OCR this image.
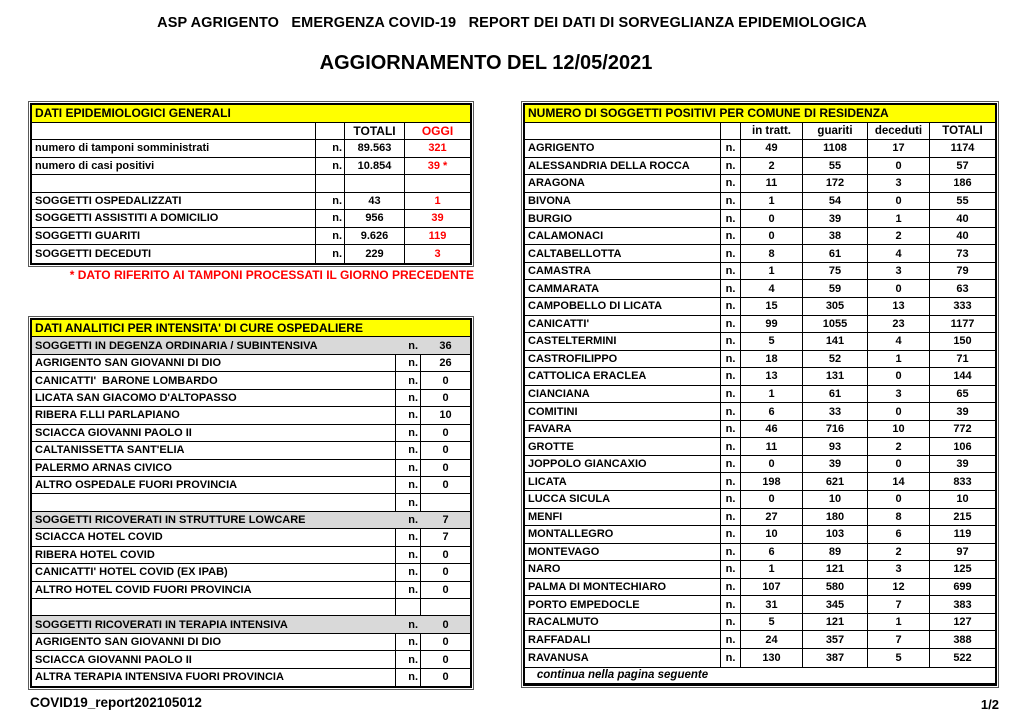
ASP AGRIGENTO   EMERGENZA COVID-19   REPORT DEI DATI DI SORVEGLIANZA EPIDEMIOLOGICA
AGGIORNAMENTO DEL 12/05/2021
DATI EPIDEMIOLOGICI GENERALI
TOTALI	OGGI
numero di tamponi somministrati	n.	89.563	321
numero di casi positivi	n.	10.854	39 *
SOGGETTI OSPEDALIZZATI	n.	43	1
SOGGETTI ASSISTITI A DOMICILIO	n.	956	39
SOGGETTI GUARITI	n.	9.626	119
SOGGETTI DECEDUTI	n.	229	3
* DATO RIFERITO AI TAMPONI PROCESSATI IL GIORNO PRECEDENTE
DATI ANALITICI PER INTENSITA' DI CURE OSPEDALIERE
SOGGETTI IN DEGENZA ORDINARIA / SUBINTENSIVA	n.	36
AGRIGENTO SAN GIOVANNI DI DIO	n.	26
CANICATTI'  BARONE LOMBARDO	n.	0
LICATA SAN GIACOMO D'ALTOPASSO	n.	0
RIBERA F.LLI PARLAPIANO	n.	10
SCIACCA GIOVANNI PAOLO II	n.	0
CALTANISSETTA SANT'ELIA	n.	0
PALERMO ARNAS CIVICO	n.	0
ALTRO OSPEDALE FUORI PROVINCIA	n.	0
n.
SOGGETTI RICOVERATI IN STRUTTURE LOWCARE	n.	7
SCIACCA HOTEL COVID	n.	7
RIBERA HOTEL COVID	n.	0
CANICATTI' HOTEL COVID (EX IPAB)	n.	0
ALTRO HOTEL COVID FUORI PROVINCIA	n.	0
SOGGETTI RICOVERATI IN TERAPIA INTENSIVA	n.	0
AGRIGENTO SAN GIOVANNI DI DIO	n.	0
SCIACCA GIOVANNI PAOLO II	n.	0
ALTRA TERAPIA INTENSIVA FUORI PROVINCIA	n.	0
NUMERO DI SOGGETTI POSITIVI PER COMUNE DI RESIDENZA
in tratt.	guariti	deceduti	TOTALI
AGRIGENTO	n.	49	1108	17	1174
ALESSANDRIA DELLA ROCCA	n.	2	55	0	57
ARAGONA	n.	11	172	3	186
BIVONA	n.	1	54	0	55
BURGIO	n.	0	39	1	40
CALAMONACI	n.	0	38	2	40
CALTABELLOTTA	n.	8	61	4	73
CAMASTRA	n.	1	75	3	79
CAMMARATA	n.	4	59	0	63
CAMPOBELLO DI LICATA	n.	15	305	13	333
CANICATTI'	n.	99	1055	23	1177
CASTELTERMINI	n.	5	141	4	150
CASTROFILIPPO	n.	18	52	1	71
CATTOLICA ERACLEA	n.	13	131	0	144
CIANCIANA	n.	1	61	3	65
COMITINI	n.	6	33	0	39
FAVARA	n.	46	716	10	772
GROTTE	n.	11	93	2	106
JOPPOLO GIANCAXIO	n.	0	39	0	39
LICATA	n.	198	621	14	833
LUCCA SICULA	n.	0	10	0	10
MENFI	n.	27	180	8	215
MONTALLEGRO	n.	10	103	6	119
MONTEVAGO	n.	6	89	2	97
NARO	n.	1	121	3	125
PALMA DI MONTECHIARO	n.	107	580	12	699
PORTO EMPEDOCLE	n.	31	345	7	383
RACALMUTO	n.	5	121	1	127
RAFFADALI	n.	24	357	7	388
RAVANUSA	n.	130	387	5	522
continua nella pagina seguente
COVID19_report202105012	1/2
